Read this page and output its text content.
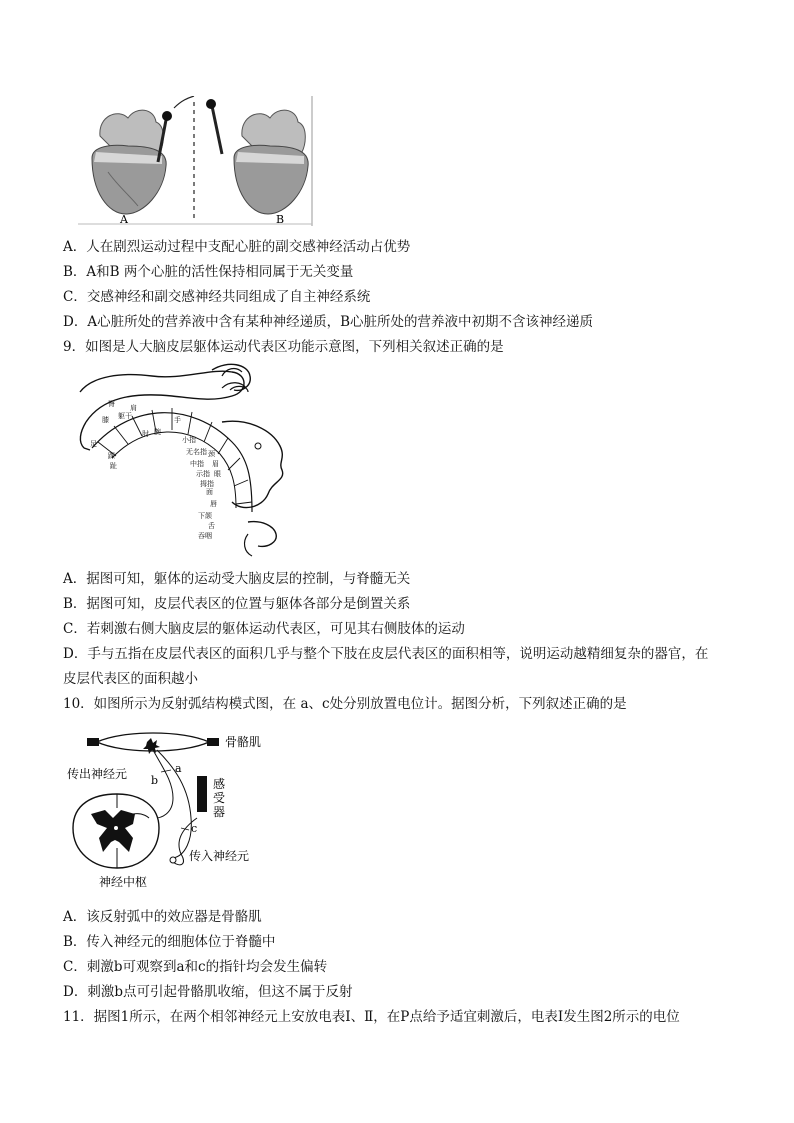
A	B
A．人在剧烈运动过程中支配心脏的副交感神经活动占优势
B．A和B 两个心脏的活性保持相同属于无关变量
C．交感神经和副交感神经共同组成了自主神经系统
D．A心脏所处的营养液中含有某种神经递质，B心脏所处的营养液中初期不含该神经递质
9．如图是人大脑皮层躯体运动代表区功能示意图，下列相关叙述正确的是
臀
膝 躯干
肩
肘 腕
手
小指
无名指
中指
示指
拇指
颈
眉
眼
面
唇
下颌
舌
吞咽
足
踝
趾
A．据图可知，躯体的运动受大脑皮层的控制，与脊髓无关
B．据图可知，皮层代表区的位置与躯体各部分是倒置关系
C．若刺激右侧大脑皮层的躯体运动代表区，可见其右侧肢体的运动
D．手与五指在皮层代表区的面积几乎与整个下肢在皮层代表区的面积相等，说明运动越精细复杂的器官，在
皮层代表区的面积越小
10．如图所示为反射弧结构模式图，在 a、c处分别放置电位计。据图分析，下列叙述正确的是
骨骼肌
a
b
传出神经元
感 受 器
c
传入神经元
神经中枢
A．该反射弧中的效应器是骨骼肌
B．传入神经元的细胞体位于脊髓中
C．刺激b可观察到a和c的指针均会发生偏转
D．刺激b点可引起骨骼肌收缩，但这不属于反射
11．据图1所示，在两个相邻神经元上安放电表Ⅰ、Ⅱ，在P点给予适宜刺激后，电表Ⅰ发生图2所示的电位
